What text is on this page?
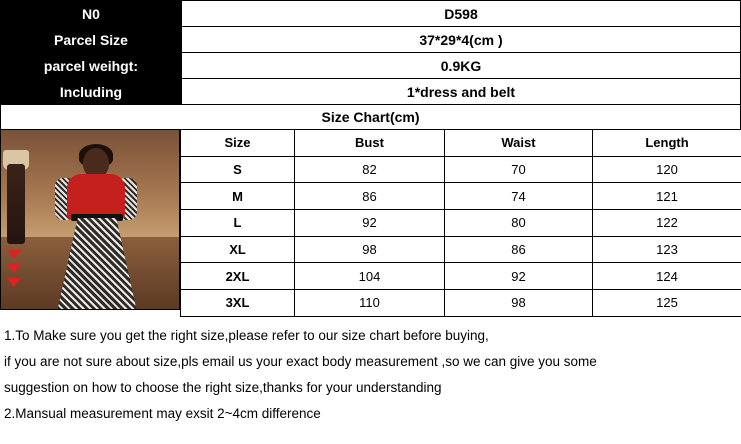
N0	D598
Parcel Size	37*29*4(cm )
parcel weihgt:	0.9KG
Including	1*dress and belt
Size Chart(cm)	
Size	Bust	Waist	Length
S	82	70	120
M	86	74	121
L	92	80	122
XL	98	86	123
2XL	104	92	124
3XL	110	98	125
1.To Make sure you get the right size,please refer to our size chart before buying,
if you are not sure about size,pls email us your exact body measurement ,so we can give you some
suggestion on how to choose the right size,thanks for your understanding
2.Mansual measurement may exsit 2~4cm difference
